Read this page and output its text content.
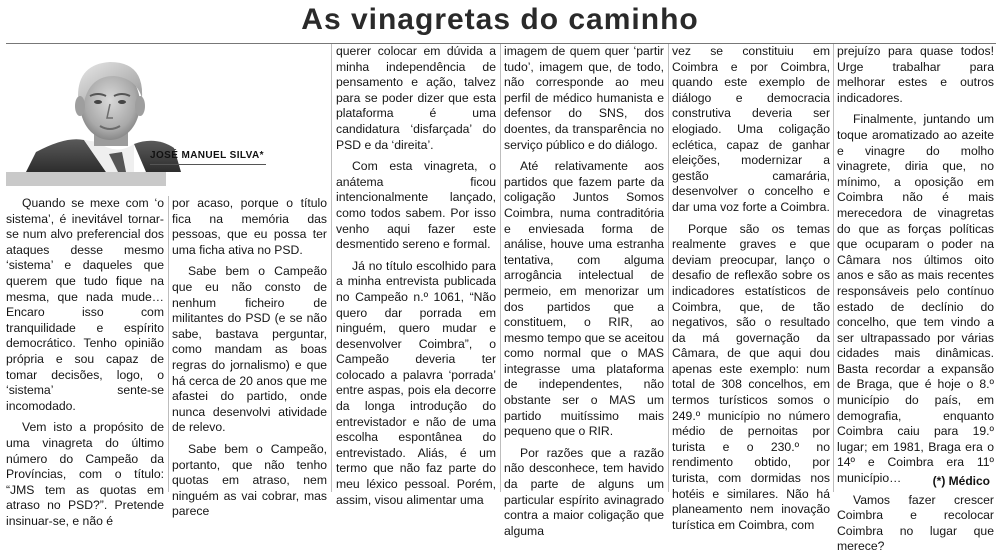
As vinagretas do caminho
JOSÉ MANUEL SILVA*

Quando se mexe com ‘o sistema’, é inevitável tornar-se num alvo preferencial dos ataques desse mesmo ‘sistema’ e daqueles que querem que tudo fique na mesma, que nada mude… Encaro isso com tranquilidade e espírito democrático. Tenho opinião própria e sou capaz de tomar decisões, logo, o ‘sistema’ sente-se incomodado.

Vem isto a propósito de uma vinagreta do último número do Campeão da Províncias, com o título: “JMS tem as quotas em atraso no PSD?”. Pretende insinuar-se, e não é

por acaso, porque o título fica na memória das pessoas, que eu possa ter uma ficha ativa no PSD.

Sabe bem o Campeão que eu não consto de nenhum ficheiro de militantes do PSD (e se não sabe, bastava perguntar, como mandam as boas regras do jornalismo) e que há cerca de 20 anos que me afastei do partido, onde nunca desenvolvi atividade de relevo.

Sabe bem o Campeão, portanto, que não tenho quotas em atraso, nem ninguém as vai cobrar, mas parece

querer colocar em dúvida a minha independência de pensamento e ação, talvez para se poder dizer que esta plataforma é uma candidatura ‘disfarçada’ do PSD e da ‘direita’.

Com esta vinagreta, o anátema ficou intencionalmente lançado, como todos sabem. Por isso venho aqui fazer este desmentido sereno e formal.

Já no título escolhido para a minha entrevista publicada no Campeão n.º 1061, “Não quero dar porrada em ninguém, quero mudar e desenvolver Coimbra”, o Campeão deveria ter colocado a palavra ‘porrada’ entre aspas, pois ela decorre da longa introdução do entrevistador e não de uma escolha espontânea do entrevistado. Aliás, é um termo que não faz parte do meu léxico pessoal. Porém, assim, visou alimentar uma

imagem de quem quer ‘partir tudo’, imagem que, de todo, não corresponde ao meu perfil de médico humanista e defensor do SNS, dos doentes, da transparência no serviço público e do diálogo.

Até relativamente aos partidos que fazem parte da coligação Juntos Somos Coimbra, numa contraditória e enviesada forma de análise, houve uma estranha tentativa, com alguma arrogância intelectual de permeio, em menorizar um dos partidos que a constituem, o RIR, ao mesmo tempo que se aceitou como normal que o MAS integrasse uma plataforma de independentes, não obstante ser o MAS um partido muitíssimo mais pequeno que o RIR.

Por razões que a razão não desconhece, tem havido da parte de alguns um particular espírito avinagrado contra a maior coligação que alguma

vez se constituiu em Coimbra e por Coimbra, quando este exemplo de diálogo e democracia construtiva deveria ser elogiado. Uma coligação eclética, capaz de ganhar eleições, modernizar a gestão camarária, desenvolver o concelho e dar uma voz forte a Coimbra.

Porque são os temas realmente graves e que deviam preocupar, lanço o desafio de reflexão sobre os indicadores estatísticos de Coimbra, que, de tão negativos, são o resultado da má governação da Câmara, de que aqui dou apenas este exemplo: num total de 308 concelhos, em termos turísticos somos o 249.º município no número médio de pernoitas por turista e o 230.º no rendimento obtido, por turista, com dormidas nos hotéis e similares. Não há planeamento nem inovação turística em Coimbra, com

prejuízo para quase todos! Urge trabalhar para melhorar estes e outros indicadores.

Finalmente, juntando um toque aromatizado ao azeite e vinagre do molho vinagrete, diria que, no mínimo, a oposição em Coimbra não é mais merecedora de vinagretas do que as forças políticas que ocuparam o poder na Câmara nos últimos oito anos e são as mais recentes responsáveis pelo contínuo estado de declínio do concelho, que tem vindo a ser ultrapassado por várias cidades mais dinâmicas. Basta recordar a expansão de Braga, que é hoje o 8.º município do país, em demografia, enquanto Coimbra caiu para 19.º lugar; em 1981, Braga era o 14º e Coimbra era 11º município…

Vamos fazer crescer Coimbra e recolocar Coimbra no lugar que merece?

(*) Médico
